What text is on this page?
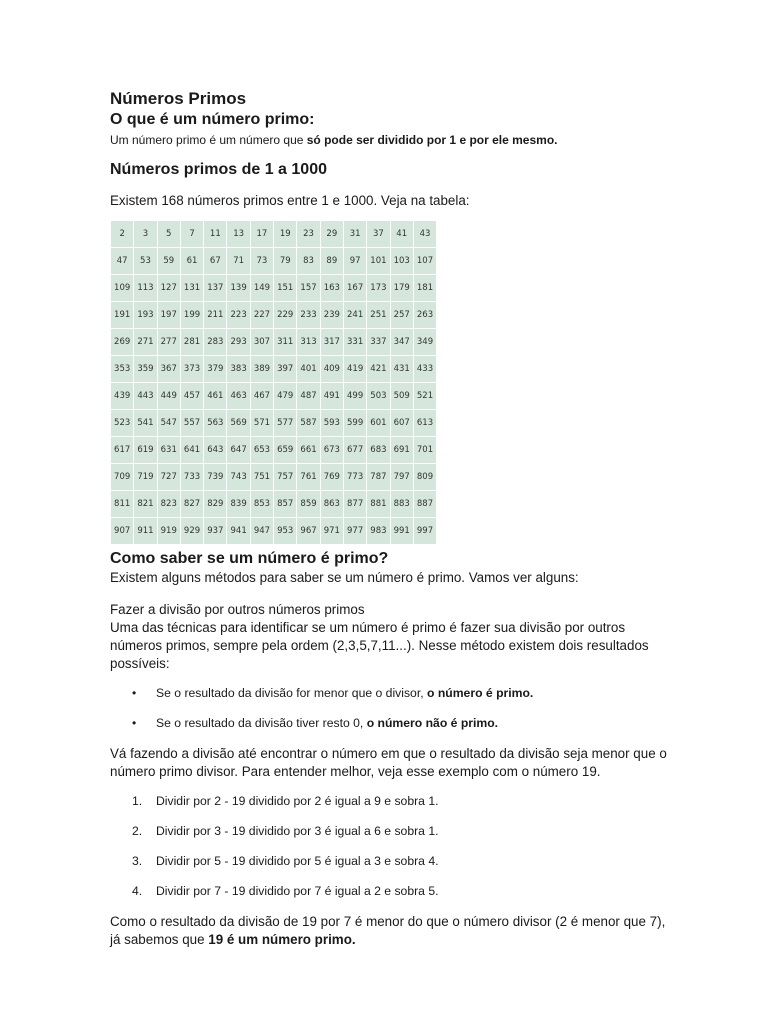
Números Primos
O que é um número primo:

Um número primo é um número que só pode ser dividido por 1 e por ele mesmo.

Números primos de 1 a 1000

Existem 168 números primos entre 1 e 1000. Veja na tabela:

2	3	5	7	11	13	17	19	23	29	31	37	41	43
47	53	59	61	67	71	73	79	83	89	97	101 103 107
109 113 127 131 137 139 149 151 157 163 167 173 179 181
191 193 197 199 211 223 227 229 233 239 241 251 257 263
269 271 277 281 283 293 307 311 313 317 331 337 347 349
353 359 367 373 379 383 389 397 401 409 419 421 431 433
439 443 449 457 461 463 467 479 487 491 499 503 509 521
523 541 547 557 563 569 571 577 587 593 599 601 607 613
617 619 631 641 643 647 653 659 661 673 677 683 691 701
709 719 727 733 739 743 751 757 761 769 773 787 797 809
811 821 823 827 829 839 853 857 859 863 877 881 883 887
907 911 919 929 937 941 947 953 967 971 977 983 991 997
Como saber se um número é primo?

Existem alguns métodos para saber se um número é primo. Vamos ver alguns:

Fazer a divisão por outros números primos

Uma das técnicas para identificar se um número é primo é fazer sua divisão por outros números primos, sempre pela ordem (2,3,5,7,11...). Nesse método existem dois resultados possíveis:

• Se o resultado da divisão for menor que o divisor, o número é primo.
• Se o resultado da divisão tiver resto 0, o número não é primo.

Vá fazendo a divisão até encontrar o número em que o resultado da divisão seja menor que o número primo divisor. Para entender melhor, veja esse exemplo com o número 19.

1. Dividir por 2 - 19 dividido por 2 é igual a 9 e sobra 1.
2. Dividir por 3 - 19 dividido por 3 é igual a 6 e sobra 1.
3. Dividir por 5 - 19 dividido por 5 é igual a 3 e sobra 4.
4. Dividir por 7 - 19 dividido por 7 é igual a 2 e sobra 5.

Como o resultado da divisão de 19 por 7 é menor do que o número divisor (2 é menor que 7), já sabemos que 19 é um número primo.
